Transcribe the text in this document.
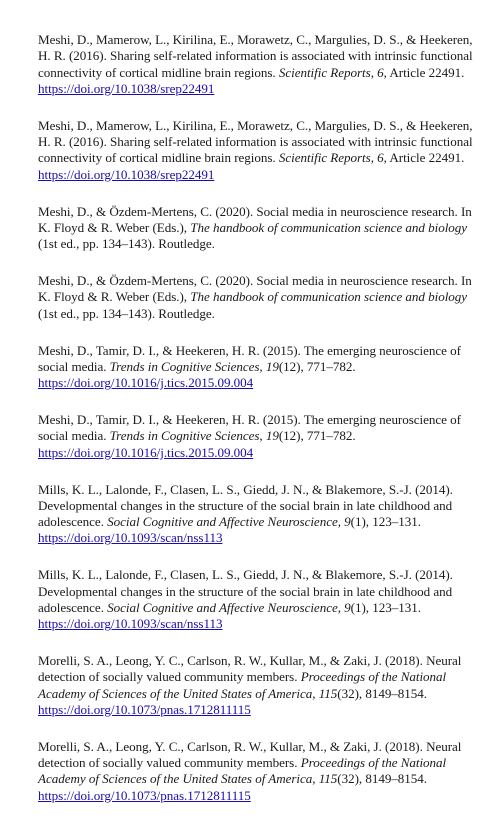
Meshi, D., Mamerow, L., Kirilina, E., Morawetz, C., Margulies, D. S., & Heekeren,
H. R. (2016). Sharing self-related information is associated with intrinsic functional
connectivity of cortical midline brain regions. Scientific Reports, 6, Article 22491.
https://doi.org/10.1038/srep22491
Meshi, D., Mamerow, L., Kirilina, E., Morawetz, C., Margulies, D. S., & Heekeren,
H. R. (2016). Sharing self-related information is associated with intrinsic functional
connectivity of cortical midline brain regions. Scientific Reports, 6, Article 22491.
https://doi.org/10.1038/srep22491
Meshi, D., & Özdem-Mertens, C. (2020). Social media in neuroscience research. In
K. Floyd & R. Weber (Eds.), The handbook of communication science and biology
(1st ed., pp. 134–143). Routledge.
Meshi, D., & Özdem-Mertens, C. (2020). Social media in neuroscience research. In
K. Floyd & R. Weber (Eds.), The handbook of communication science and biology
(1st ed., pp. 134–143). Routledge.
Meshi, D., Tamir, D. I., & Heekeren, H. R. (2015). The emerging neuroscience of
social media. Trends in Cognitive Sciences, 19(12), 771–782.
https://doi.org/10.1016/j.tics.2015.09.004
Meshi, D., Tamir, D. I., & Heekeren, H. R. (2015). The emerging neuroscience of
social media. Trends in Cognitive Sciences, 19(12), 771–782.
https://doi.org/10.1016/j.tics.2015.09.004
Mills, K. L., Lalonde, F., Clasen, L. S., Giedd, J. N., & Blakemore, S.-J. (2014).
Developmental changes in the structure of the social brain in late childhood and
adolescence. Social Cognitive and Affective Neuroscience, 9(1), 123–131.
https://doi.org/10.1093/scan/nss113
Mills, K. L., Lalonde, F., Clasen, L. S., Giedd, J. N., & Blakemore, S.-J. (2014).
Developmental changes in the structure of the social brain in late childhood and
adolescence. Social Cognitive and Affective Neuroscience, 9(1), 123–131.
https://doi.org/10.1093/scan/nss113
Morelli, S. A., Leong, Y. C., Carlson, R. W., Kullar, M., & Zaki, J. (2018). Neural
detection of socially valued community members. Proceedings of the National
Academy of Sciences of the United States of America, 115(32), 8149–8154.
https://doi.org/10.1073/pnas.1712811115
Morelli, S. A., Leong, Y. C., Carlson, R. W., Kullar, M., & Zaki, J. (2018). Neural
detection of socially valued community members. Proceedings of the National
Academy of Sciences of the United States of America, 115(32), 8149–8154.
https://doi.org/10.1073/pnas.1712811115
